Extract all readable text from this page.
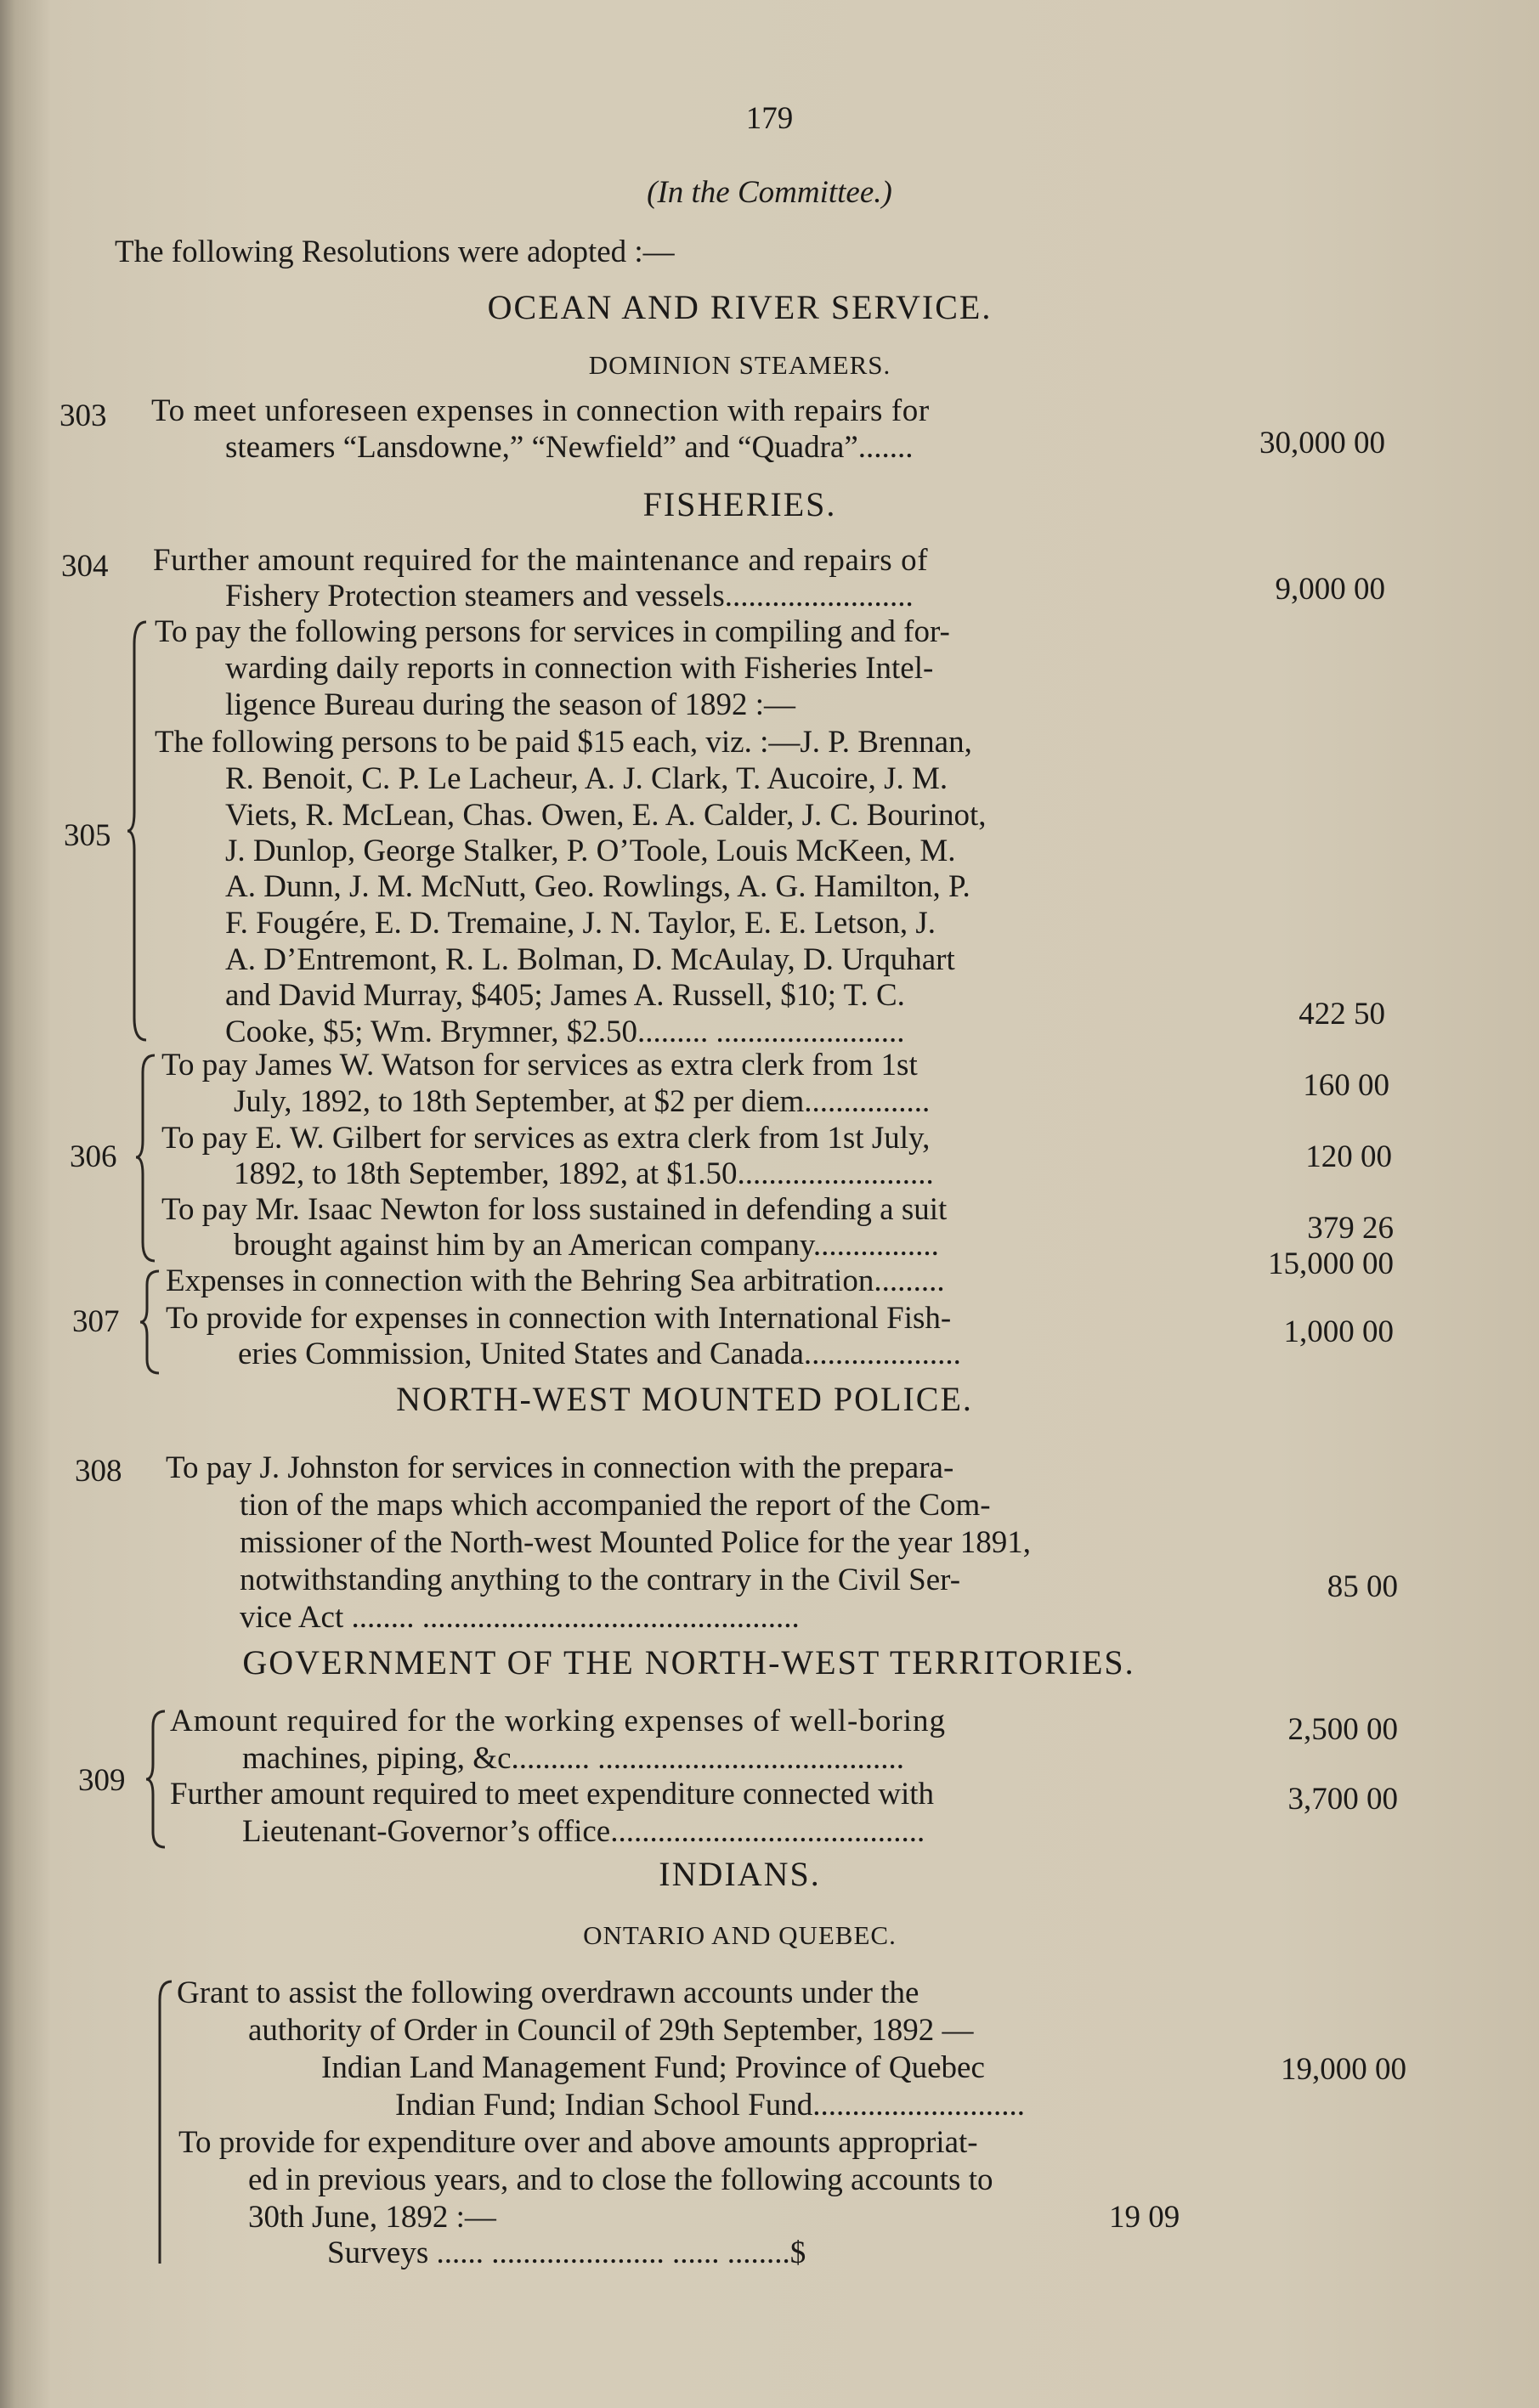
179
(In the Committee.)
The following Resolutions were adopted :—
OCEAN AND RIVER SERVICE.
DOMINION STEAMERS.
303 To meet unforeseen expenses in connection with repairs for
steamers “Lansdowne,” “Newfield” and “Quadra”.......	30,000 00
FISHERIES.
304 Further amount required for the maintenance and repairs of
Fishery Protection steamers and vessels........................	9,000 00
305
To pay the following persons for services in compiling and for-
warding daily reports in connection with Fisheries Intel-
ligence Bureau during the season of 1892 :—
The following persons to be paid $15 each, viz. :—J. P. Brennan,
R. Benoit, C. P. Le Lacheur, A. J. Clark, T. Aucoire, J. M.
Viets, R. McLean, Chas. Owen, E. A. Calder, J. C. Bourinot,
J. Dunlop, George Stalker, P. O’Toole, Louis McKeen, M.
A. Dunn, J. M. McNutt, Geo. Rowlings, A. G. Hamilton, P.
F. Fougére, E. D. Tremaine, J. N. Taylor, E. E. Letson, J.
A. D’Entremont, R. L. Bolman, D. McAulay, D. Urquhart
and David Murray, $405; James A. Russell, $10; T. C.
Cooke, $5; Wm. Brymner, $2.50......... ........................
422 50
306
To pay James W. Watson for services as extra clerk from 1st
July, 1892, to 18th September, at $2 per diem................
To pay E. W. Gilbert for services as extra clerk from 1st July,
1892, to 18th September, 1892, at $1.50.........................
To pay Mr. Isaac Newton for loss sustained in defending a suit
brought against him by an American company................
160 00
120 00
379 26
307
Expenses in connection with the Behring Sea arbitration.........
To provide for expenses in connection with International Fish-
eries Commission, United States and Canada....................
15,000 00
1,000 00
NORTH-WEST MOUNTED POLICE.
308 To pay J. Johnston for services in connection with the prepara-
tion of the maps which accompanied the report of the Com-
missioner of the North-west Mounted Police for the year 1891,
notwithstanding anything to the contrary in the Civil Ser-
vice Act ........ ................................................
85 00
GOVERNMENT OF THE NORTH-WEST TERRITORIES.
309
Amount required for the working expenses of well-boring
machines, piping, &c.......... .......................................
Further amount required to meet expenditure connected with
Lieutenant-Governor’s office........................................
2,500 00
3,700 00
INDIANS.
ONTARIO AND QUEBEC.
Grant to assist the following overdrawn accounts under the
authority of Order in Council of 29th September, 1892 —
Indian Land Management Fund; Province of Quebec
Indian Fund; Indian School Fund...........................
19,000 00
To provide for expenditure over and above amounts appropriat-
ed in previous years, and to close the following accounts to
30th June, 1892 :—
Surveys ...... ...................... ...... ........$
19 09
